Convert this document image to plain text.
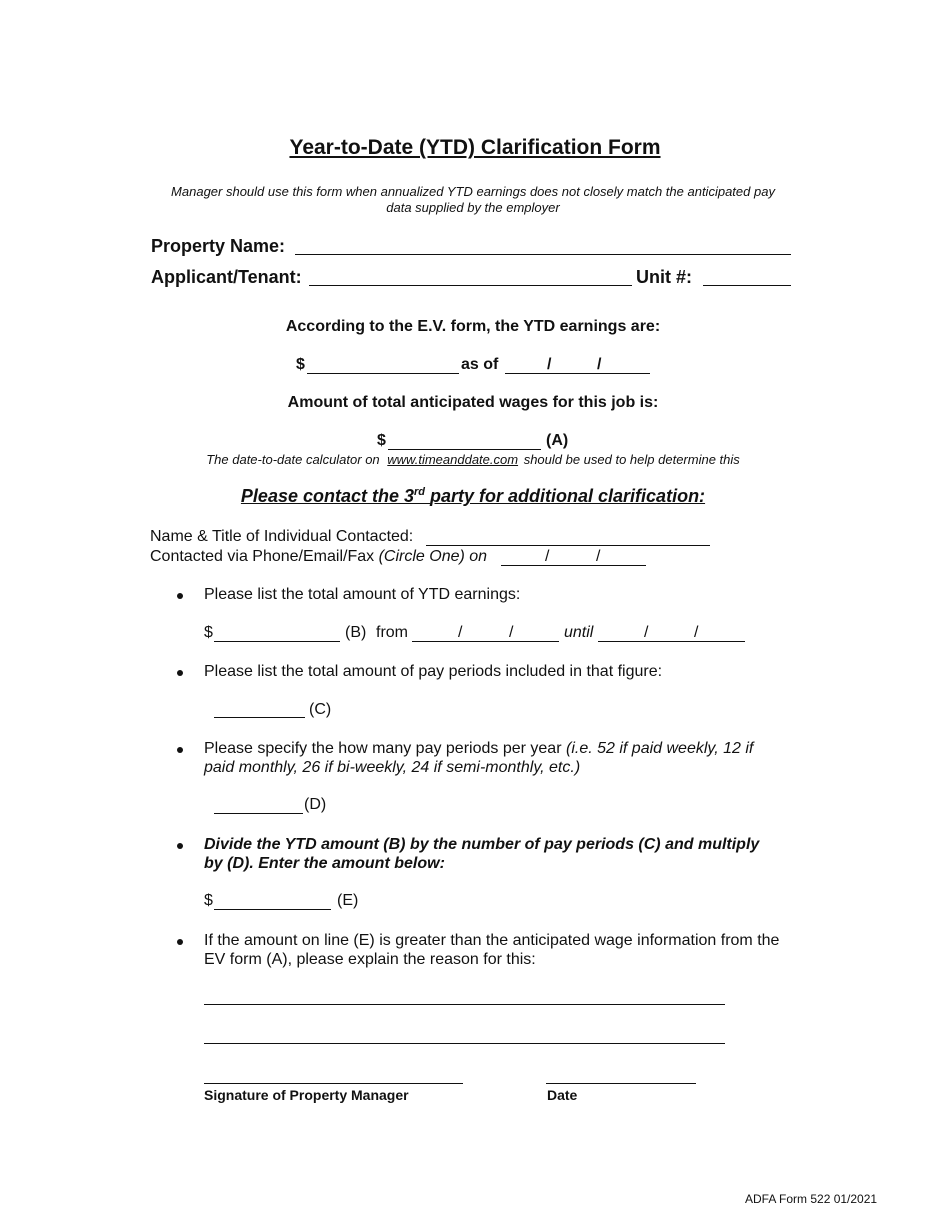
Year-to-Date (YTD) Clarification Form
Manager should use this form when annualized YTD earnings does not closely match the anticipated pay
data supplied by the employer
Property Name:
Applicant/Tenant:	Unit #:
According to the E.V. form, the YTD earnings are:
$	as of	/	/
Amount of total anticipated wages for this job is:
$	(A)
The date-to-date calculator on www.timeanddate.com should be used to help determine this
Please contact the 3rd party for additional clarification:
Name & Title of Individual Contacted:
Contacted via Phone/Email/Fax (Circle One) on	/	/
Please list the total amount of YTD earnings:
$	(B) from	/	/	until	/	/
Please list the total amount of pay periods included in that figure:
(C)
Please specify the how many pay periods per year (i.e. 52 if paid weekly, 12 if
paid monthly, 26 if bi-weekly, 24 if semi-monthly, etc.)
(D)
Divide the YTD amount (B) by the number of pay periods (C) and multiply
by (D). Enter the amount below:
$	(E)
If the amount on line (E) is greater than the anticipated wage information from the
EV form (A), please explain the reason for this:
Signature of Property Manager	Date
ADFA Form 522 01/2021
